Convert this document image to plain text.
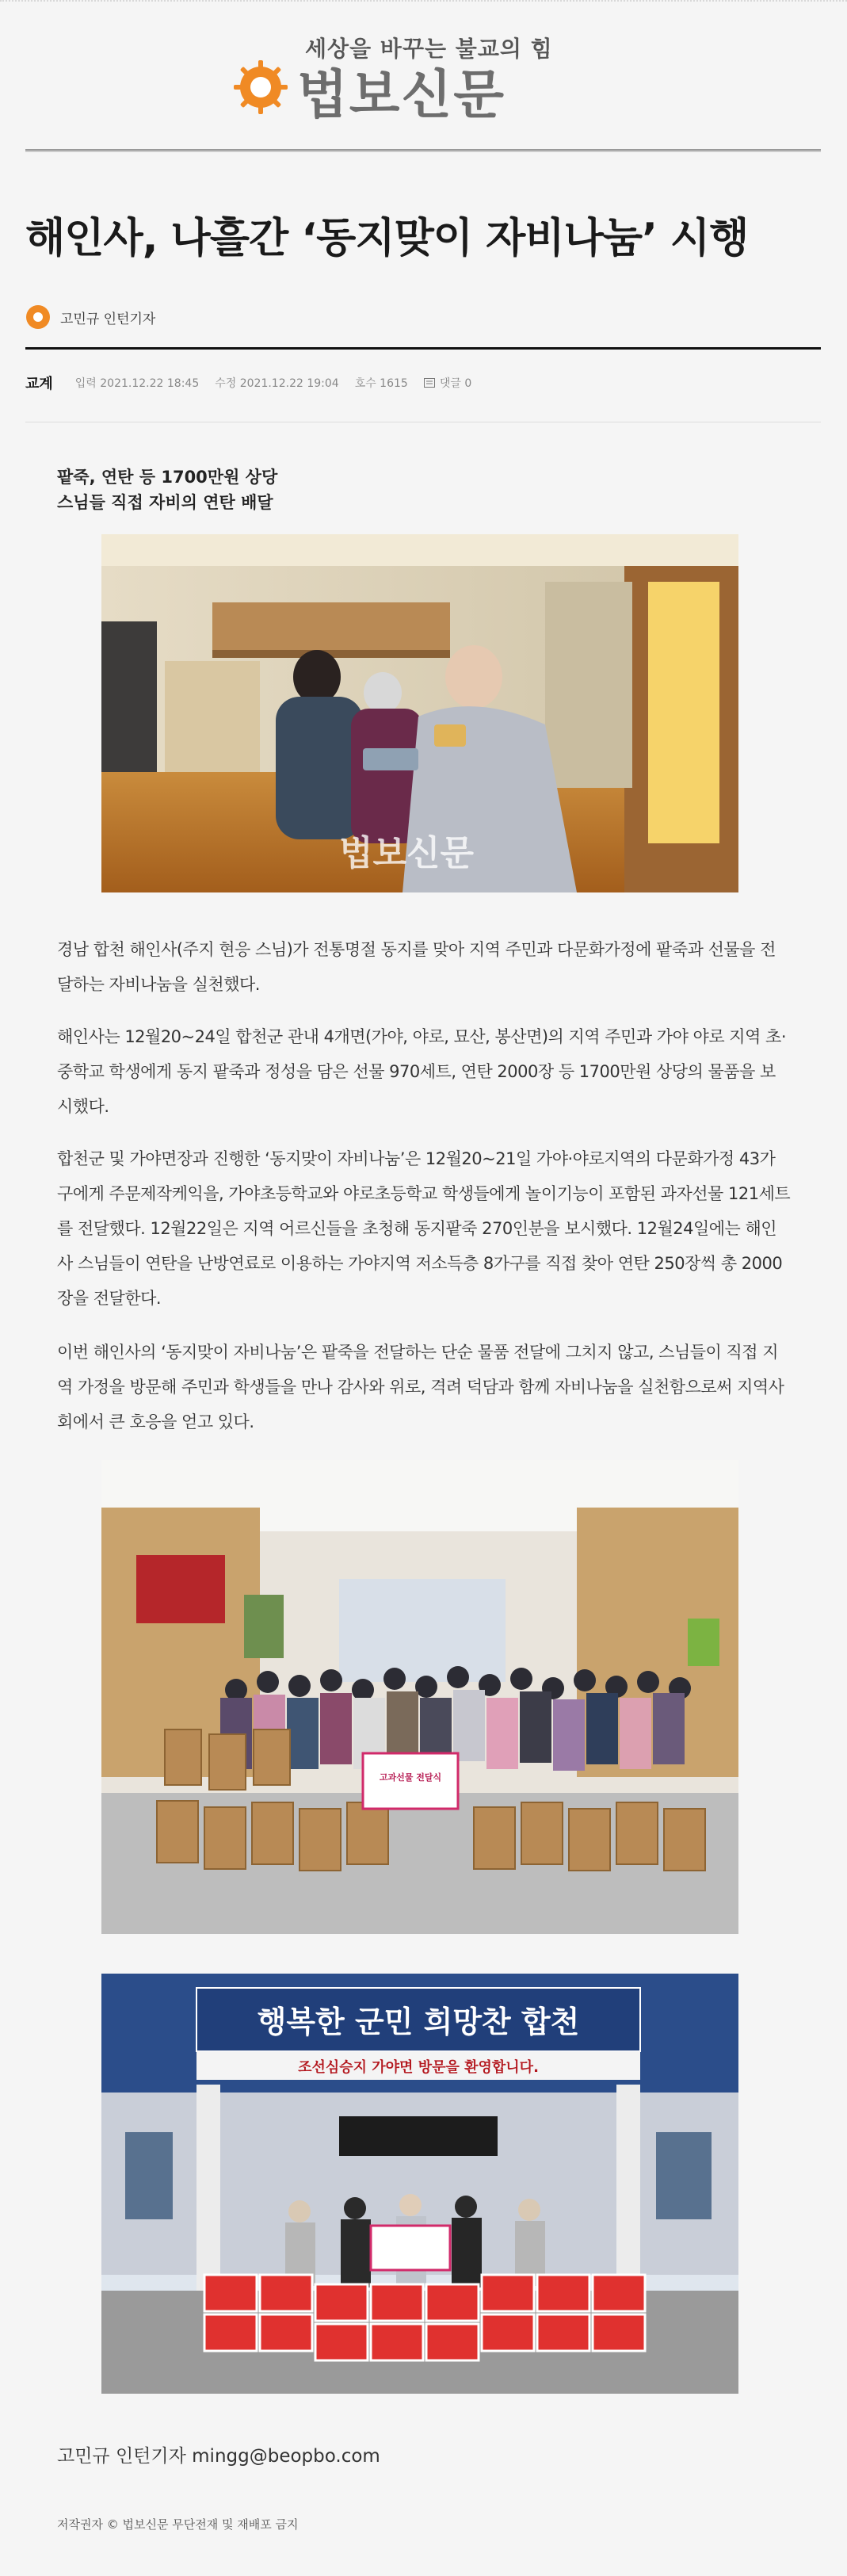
세상을 바꾸는 불교의 힘
법보신문
해인사, 나흘간 ‘동지맞이 자비나눔’ 시행
고민규 인턴기자
교계 입력 2021.12.22 18:45 수정 2021.12.22 19:04 호수 1615	댓글 0
팥죽, 연탄 등 1700만원 상당
스님들 직접 자비의 연탄 배달
법보신문

경남 합천 해인사(주지 현응 스님)가 전통명절 동지를 맞아 지역 주민과 다문화가정에 팥죽과 선물을 전달하는 자비나눔을 실천했다.

해인사는 12월20~24일 합천군 관내 4개면(가야, 야로, 묘산, 봉산면)의 지역 주민과 가야 야로 지역 초·중학교 학생에게 동지 팥죽과 정성을 담은 선물 970세트, 연탄 2000장 등 1700만원 상당의 물품을 보시했다.

합천군 및 가야면장과 진행한 ‘동지맞이 자비나눔’은 12월20~21일 가야·야로지역의 다문화가정 43가구에게 주문제작케익을, 가야초등학교와 야로초등학교 학생들에게 놀이기능이 포함된 과자선물 121세트를 전달했다. 12월22일은 지역 어르신들을 초청해 동지팥죽 270인분을 보시했다. 12월24일에는 해인사 스님들이 연탄을 난방연료로 이용하는 가야지역 저소득층 8가구를 직접 찾아 연탄 250장씩 총 2000장을 전달한다.

이번 해인사의 ‘동지맞이 자비나눔’은 팥죽을 전달하는 단순 물품 전달에 그치지 않고, 스님들이 직접 지역 가정을 방문해 주민과 학생들을 만나 감사와 위로, 격려 덕담과 함께 자비나눔을 실천함으로써 지역사회에서 큰 호응을 얻고 있다.

고과선물 전달식
행복한 군민 희망찬 합천
조선심승지 가야면 방문을 환영합니다.
고민규 인턴기자 mingg@beopbo.com
저작권자 © 법보신문 무단전재 및 재배포 금지
